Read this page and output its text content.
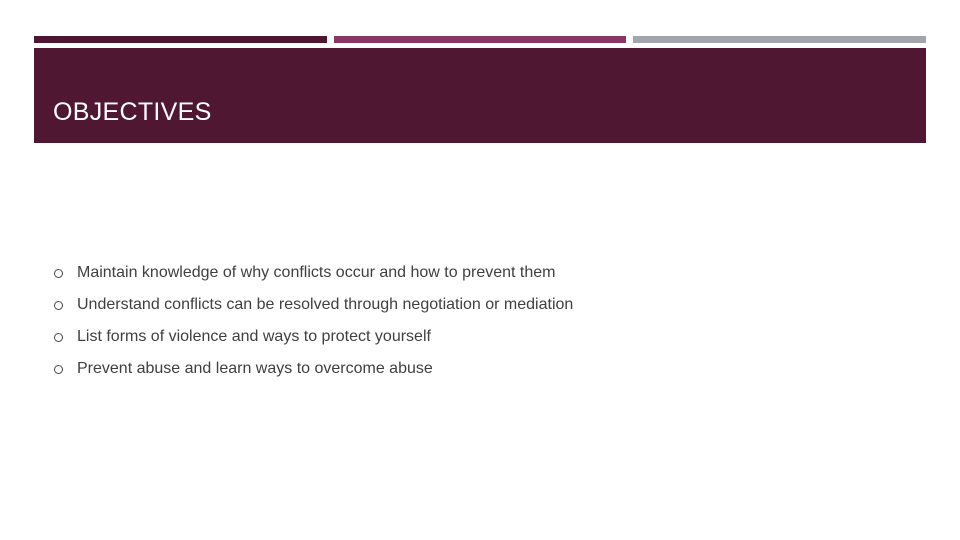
OBJECTIVES
Maintain knowledge of why conflicts occur and how to prevent them
Understand conflicts can be resolved through negotiation or mediation
List forms of violence and ways to protect yourself
Prevent abuse and learn ways to overcome abuse
